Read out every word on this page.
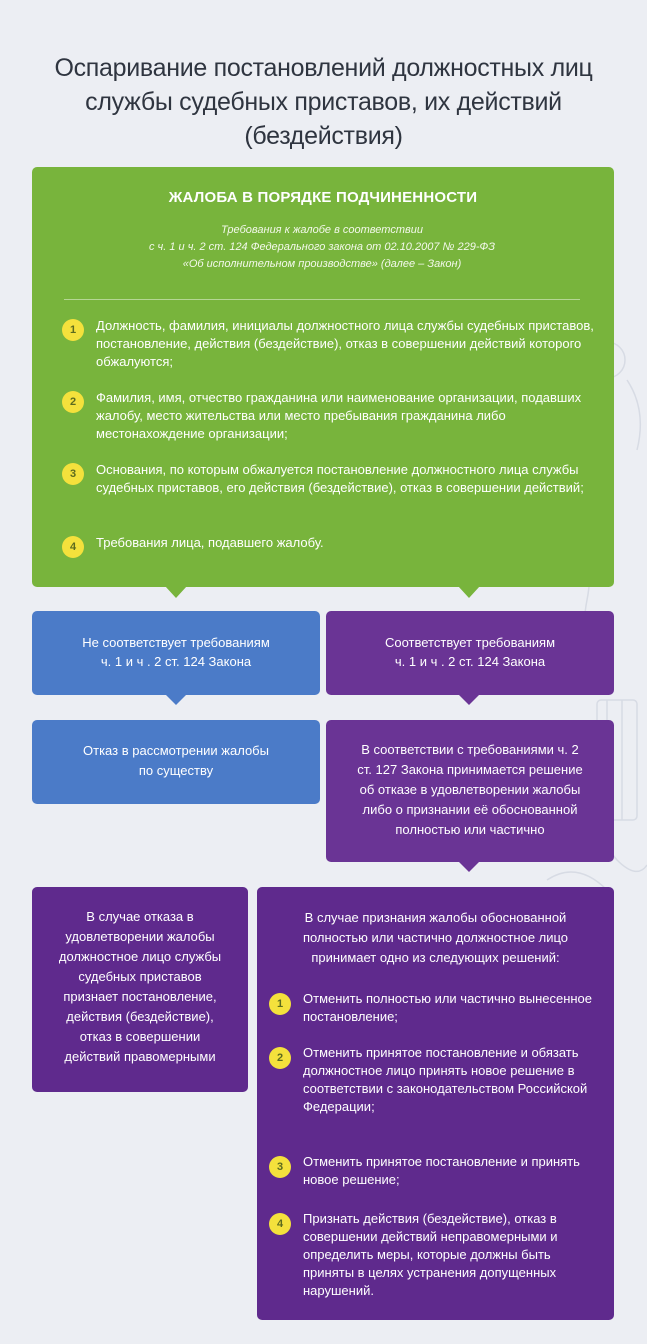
Оспаривание постановлений должностных лиц
службы судебных приставов, их действий
(бездействия)
ЖАЛОБА В ПОРЯДКЕ ПОДЧИНЕННОСТИ
Требования к жалобе в соответствии
с ч. 1 и ч. 2 ст. 124 Федерального закона от 02.10.2007 № 229-ФЗ
«Об исполнительном производстве» (далее – Закон)
1	Должность, фамилия, инициалы должностного лица службы судебных приставов, постановление, действия (бездействие), отказ в совершении действий которого обжалуются;
2	Фамилия, имя, отчество гражданина или наименование организации, подавших жалобу, место жительства или место пребывания гражданина либо местонахождение организации;
3	Основания, по которым обжалуется постановление должностного лица службы судебных приставов, его действия (бездействие), отказ в совершении действий;
4	Требования лица, подавшего жалобу.
Не соответствует требованиям
ч. 1 и ч . 2 ст. 124 Закона
Соответствует требованиям
ч. 1 и ч . 2 ст. 124 Закона
Отказ в рассмотрении жалобы
по существу
В соответствии с требованиями ч. 2
ст. 127 Закона принимается решение
об отказе в удовлетворении жалобы
либо о признании её обоснованной
полностью или частично
В случае отказа в
удовлетворении жалобы
должностное лицо службы
судебных приставов
признает постановление,
действия (бездействие),
отказ в совершении
действий правомерными
В случае признания жалобы обоснованной
полностью или частично должностное лицо
принимает одно из следующих решений:
1	Отменить полностью или частично вынесенное постановление;
2	Отменить принятое постановление и обязать должностное лицо принять новое решение в соответствии с законодательством Российской Федерации;
3	Отменить принятое постановление и принять новое решение;
4	Признать действия (бездействие), отказ в совершении действий неправомерными и определить меры, которые должны быть приняты в целях устранения допущенных нарушений.
